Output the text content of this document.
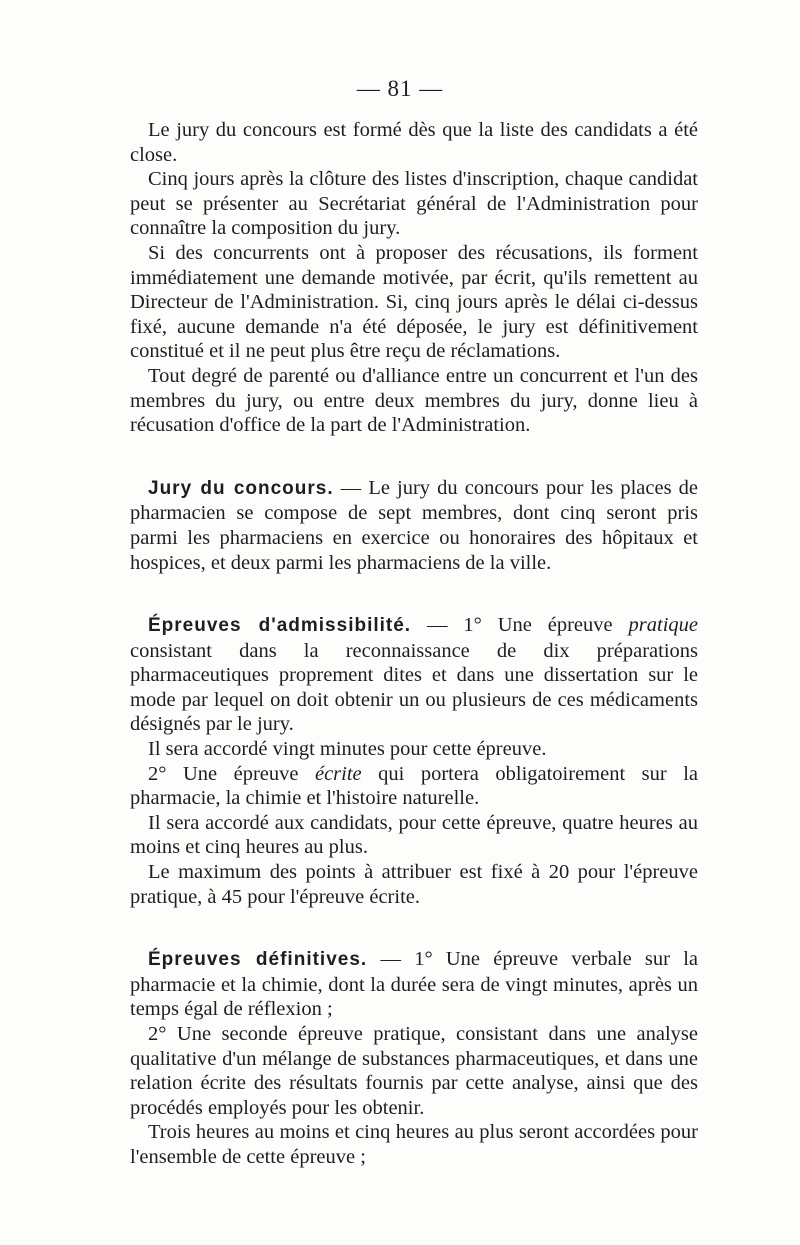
— 81 —

Le jury du concours est formé dès que la liste des candidats a été close.

Cinq jours après la clôture des listes d'inscription, chaque candidat peut se présenter au Secrétariat général de l'Administration pour connaître la composition du jury.

Si des concurrents ont à proposer des récusations, ils forment immédiatement une demande motivée, par écrit, qu'ils remettent au Directeur de l'Administration. Si, cinq jours après le délai ci-dessus fixé, aucune demande n'a été déposée, le jury est définitivement constitué et il ne peut plus être reçu de réclamations.

Tout degré de parenté ou d'alliance entre un concurrent et l'un des membres du jury, ou entre deux membres du jury, donne lieu à récusation d'office de la part de l'Administration.

Jury du concours. — Le jury du concours pour les places de pharmacien se compose de sept membres, dont cinq seront pris parmi les pharmaciens en exercice ou honoraires des hôpitaux et hospices, et deux parmi les pharmaciens de la ville.

Épreuves d'admissibilité. — 1° Une épreuve pratique consistant dans la reconnaissance de dix préparations pharmaceutiques proprement dites et dans une dissertation sur le mode par lequel on doit obtenir un ou plusieurs de ces médicaments désignés par le jury.

Il sera accordé vingt minutes pour cette épreuve.

2° Une épreuve écrite qui portera obligatoirement sur la pharmacie, la chimie et l'histoire naturelle.

Il sera accordé aux candidats, pour cette épreuve, quatre heures au moins et cinq heures au plus.

Le maximum des points à attribuer est fixé à 20 pour l'épreuve pratique, à 45 pour l'épreuve écrite.

Épreuves définitives. — 1° Une épreuve verbale sur la pharmacie et la chimie, dont la durée sera de vingt minutes, après un temps égal de réflexion ;

2° Une seconde épreuve pratique, consistant dans une analyse qualitative d'un mélange de substances pharmaceutiques, et dans une relation écrite des résultats fournis par cette analyse, ainsi que des procédés employés pour les obtenir.

Trois heures au moins et cinq heures au plus seront accordées pour l'ensemble de cette épreuve ;
